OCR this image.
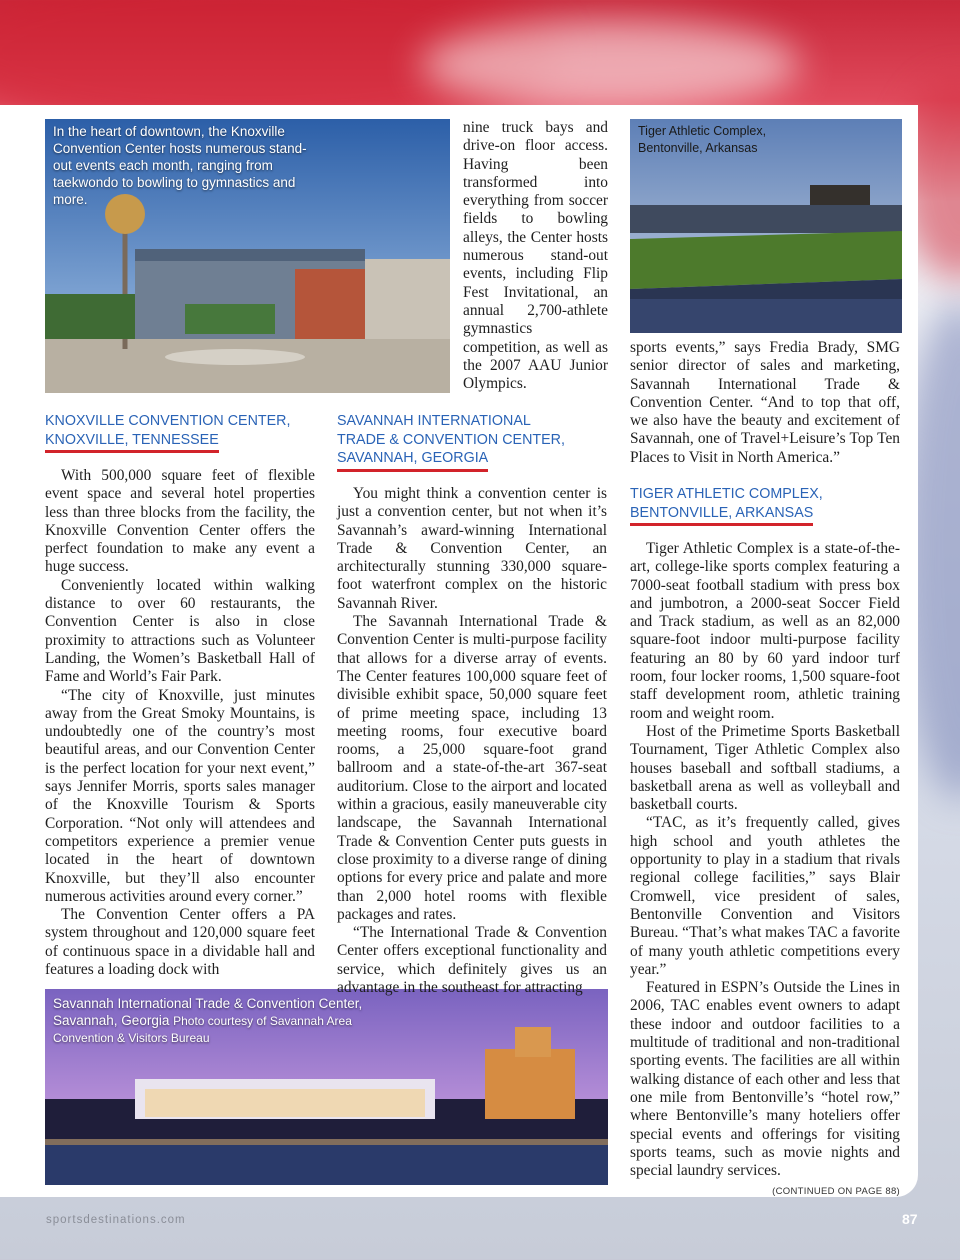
In the heart of downtown, the Knoxville Convention Center hosts numerous stand-out events each month, ranging from taekwondo to bowling to gymnastics and more.
Tiger Athletic Complex,
Bentonville, Arkansas
Savannah International Trade & Convention Center,
Savannah, Georgia Photo courtesy of Savannah Area
Convention & Visitors Bureau
KNOXVILLE CONVENTION CENTER,
KNOXVILLE, TENNESSEE

With 500,000 square feet of flexible event space and several hotel properties less than three blocks from the facility, the Knoxville Convention Center offers the perfect foundation to make any event a huge success.

Conveniently located within walking distance to over 60 restaurants, the Convention Center is also in close proximity to attractions such as Volunteer Landing, the Women’s Basketball Hall of Fame and World’s Fair Park.

“The city of Knoxville, just minutes away from the Great Smoky Mountains, is undoubtedly one of the country’s most beautiful areas, and our Convention Center is the perfect location for your next event,” says Jennifer Morris, sports sales manager of the Knoxville Tourism & Sports Corporation. “Not only will attendees and competitors experience a premier venue located in the heart of downtown Knoxville, but they’ll also encounter numerous activities around every corner.”

The Convention Center offers a PA system throughout and 120,000 square feet of continuous space in a dividable hall and features a loading dock with

nine truck bays and drive-on floor access. Having been transformed into everything from soccer fields to bowling alleys, the Center hosts numerous stand-out events, including Flip Fest Invitational, an annual 2,700-athlete gymnastics competition, as well as the 2007 AAU Junior Olympics.

SAVANNAH INTERNATIONAL
TRADE & CONVENTION CENTER,
SAVANNAH, GEORGIA

You might think a convention center is just a convention center, but not when it’s Savannah’s award-winning International Trade & Convention Center, an architecturally stunning 330,000 square-foot waterfront complex on the historic Savannah River.

The Savannah International Trade & Convention Center is multi-purpose facility that allows for a diverse array of events. The Center features 100,000 square feet of divisible exhibit space, 50,000 square feet of prime meeting space, including 13 meeting rooms, four executive board rooms, a 25,000 square-foot grand ballroom and a state-of-the-art 367-seat auditorium. Close to the airport and located within a gracious, easily maneuverable city landscape, the Savannah International Trade & Convention Center puts guests in close proximity to a diverse range of dining options for every price and palate and more than 2,000 hotel rooms with flexible packages and rates.

“The International Trade & Convention Center offers exceptional functionality and service, which definitely gives us an advantage in the southeast for attracting

sports events,” says Fredia Brady, SMG senior director of sales and marketing, Savannah International Trade & Convention Center. “And to top that off, we also have the beauty and excitement of Savannah, one of Travel+Leisure’s Top Ten Places to Visit in North America.”

TIGER ATHLETIC COMPLEX,
BENTONVILLE, ARKANSAS

Tiger Athletic Complex is a state-of-the-art, college-like sports complex featuring a 7000-seat football stadium with press box and jumbotron, a 2000-seat Soccer Field and Track stadium, as well as an 82,000 square-foot indoor multi-purpose facility featuring an 80 by 60 yard indoor turf room, four locker rooms, 1,500 square-foot staff development room, athletic training room and weight room.

Host of the Primetime Sports Basketball Tournament, Tiger Athletic Complex also houses baseball and softball stadiums, a basketball arena as well as volleyball and basketball courts.

“TAC, as it’s frequently called, gives high school and youth athletes the opportunity to play in a stadium that rivals regional college facilities,” says Blair Cromwell, vice president of sales, Bentonville Convention and Visitors Bureau. “That’s what makes TAC a favorite of many youth athletic competitions every year.”

Featured in ESPN’s Outside the Lines in 2006, TAC enables event owners to adapt these indoor and outdoor facilities to a multitude of traditional and non-traditional sporting events. The facilities are all within walking distance of each other and less that one mile from Bentonville’s “hotel row,” where Bentonville’s many hoteliers offer special events and offerings for visiting sports teams, such as movie nights and special laundry services.

(CONTINUED ON PAGE 88)
sportsdestinations.com	87
